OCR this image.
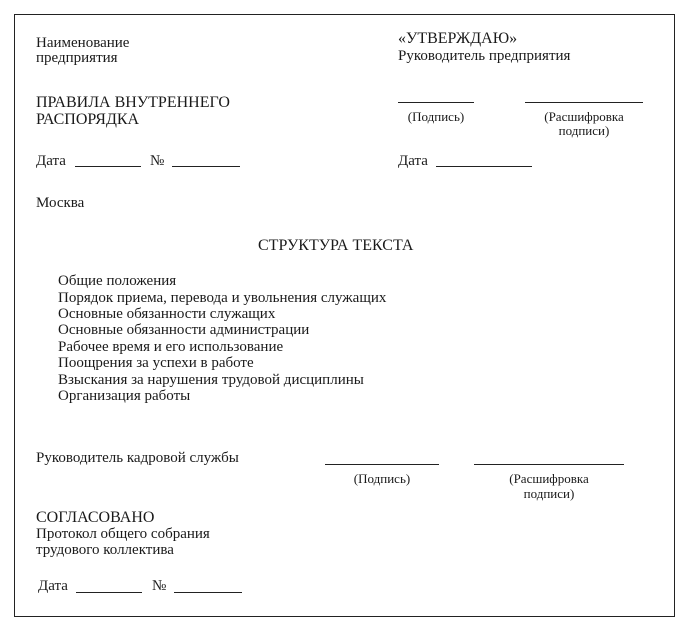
Наименование
предприятия
«УТВЕРЖДАЮ»
Руководитель предприятия
ПРАВИЛА ВНУТРЕННЕГО
РАСПОРЯДКА	(Подпись)	(Расшифровка
подписи)
Дата	№	Дата
Москва
СТРУКТУРА ТЕКСТА
Общие положения
Порядок приема, перевода и увольнения служащих
Основные обязанности служащих
Основные обязанности администрации
Рабочее время и его использование
Поощрения за успехи в работе
Взыскания за нарушения трудовой дисциплины
Организация работы
Руководитель кадровой службы
(Подпись)	(Расшифровка
подписи)
СОГЛАСОВАНО
Протокол общего собрания
трудового коллектива
Дата	№
